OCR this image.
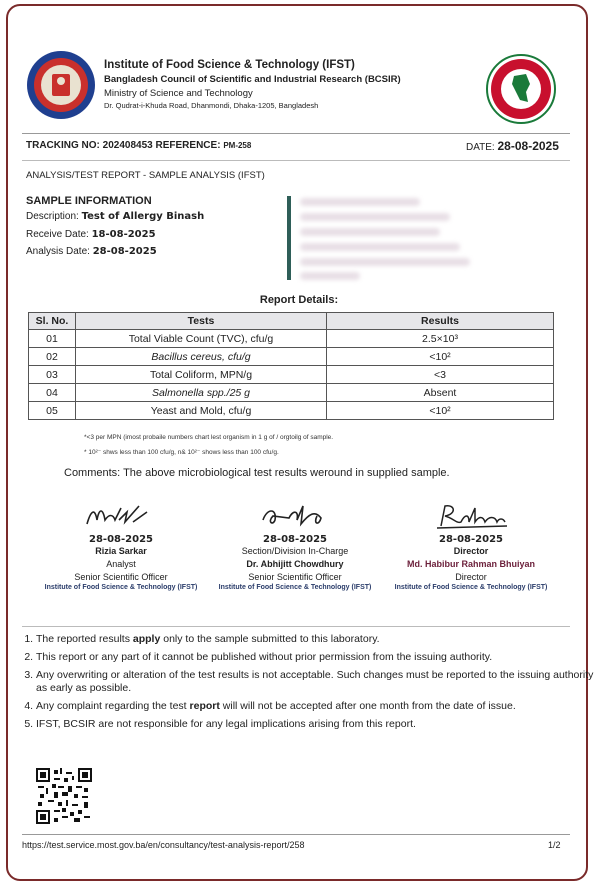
Institute of Food Science & Technology (IFST)
Bangladesh Council of Scientific and Industrial Research (BCSIR)
Ministry of Science and Technology
Dr. Qudrat-i-Khuda Road, Dhanmondi, Dhaka-1205, Bangladesh
TRACKING NO: 202408453 REFERENCE: PM-258	DATE: 28-08-2025
ANALYSIS/TEST REPORT - SAMPLE ANALYSIS (IFST)
SAMPLE INFORMATION
Description: Test of Allergy Binash
Receive Date: 18-08-2025
Analysis Date: 28-08-2025
Report Details:
Sl. No.	Tests	Results
01	Total Viable Count (TVC), cfu/g	2.5×10³
02	Bacillus cereus, cfu/g	<10²
03	Total Coliform, MPN/g	<3
04	Salmonella spp./25 g	Absent
05	Yeast and Mold, cfu/g	<10²
*<3 per MPN (imost probaile numbers chart lest organism in 1 g of / orgtoilg of sample.
* 10²⁻ shws less than 100 cfu/g, n& 10²⁻ shows less than 100 cfu/g.
Comments: The above microbiological test results weround in supplied sample.
28-08-2025
Rizia Sarkar
Analyst
Senior Scientific Officer
Institute of Food Science & Technology (IFST)
28-08-2025
Section/Division In-Charge
Dr. Abhijitt Chowdhury
Senior Scientific Officer
Institute of Food Science & Technology (IFST)
28-08-2025
Director
Md. Habibur Rahman Bhuiyan
Director
Institute of Food Science & Technology (IFST)
1. The reported results apply only to the sample submitted to this laboratory.
2. This report or any part of it cannot be published without prior permission from the issuing authority.
3. Any overwriting or alteration of the test results is not acceptable. Such changes must be reported to the issuing authority as early as possible.
4. Any complaint regarding the test report will will not be accepted after one month from the date of issue.
5. IFST, BCSIR are not responsible for any legal implications arising from this report.
https://test.service.most.gov.ba/en/consultancy/test-analysis-report/258	1/2
